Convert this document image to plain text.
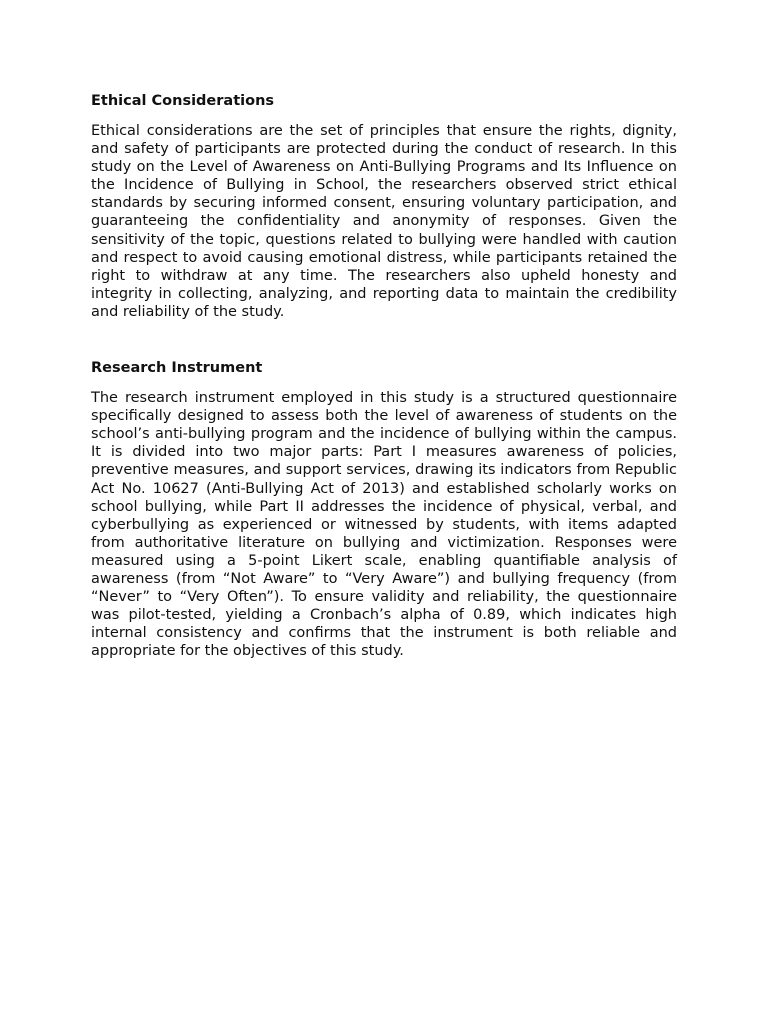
Ethical Considerations

Ethical considerations are the set of principles that ensure the rights, dignity, and safety of participants are protected during the conduct of research. In this study on the Level of Awareness on Anti-Bullying Programs and Its Influence on the Incidence of Bullying in School, the researchers observed strict ethical standards by securing informed consent, ensuring voluntary participation, and guaranteeing the confidentiality and anonymity of responses. Given the sensitivity of the topic, questions related to bullying were handled with caution and respect to avoid causing emotional distress, while participants retained the right to withdraw at any time. The researchers also upheld honesty and integrity in collecting, analyzing, and reporting data to maintain the credibility and reliability of the study.

Research Instrument

The research instrument employed in this study is a structured questionnaire specifically designed to assess both the level of awareness of students on the school’s anti-bullying program and the incidence of bullying within the campus. It is divided into two major parts: Part I measures awareness of policies, preventive measures, and support services, drawing its indicators from Republic Act No. 10627 (Anti-Bullying Act of 2013) and established scholarly works on school bullying, while Part II addresses the incidence of physical, verbal, and cyberbullying as experienced or witnessed by students, with items adapted from authoritative literature on bullying and victimization. Responses were measured using a 5-point Likert scale, enabling quantifiable analysis of awareness (from “Not Aware” to “Very Aware”) and bullying frequency (from “Never” to “Very Often”). To ensure validity and reliability, the questionnaire was pilot-tested, yielding a Cronbach’s alpha of 0.89, which indicates high internal consistency and confirms that the instrument is both reliable and appropriate for the objectives of this study.
